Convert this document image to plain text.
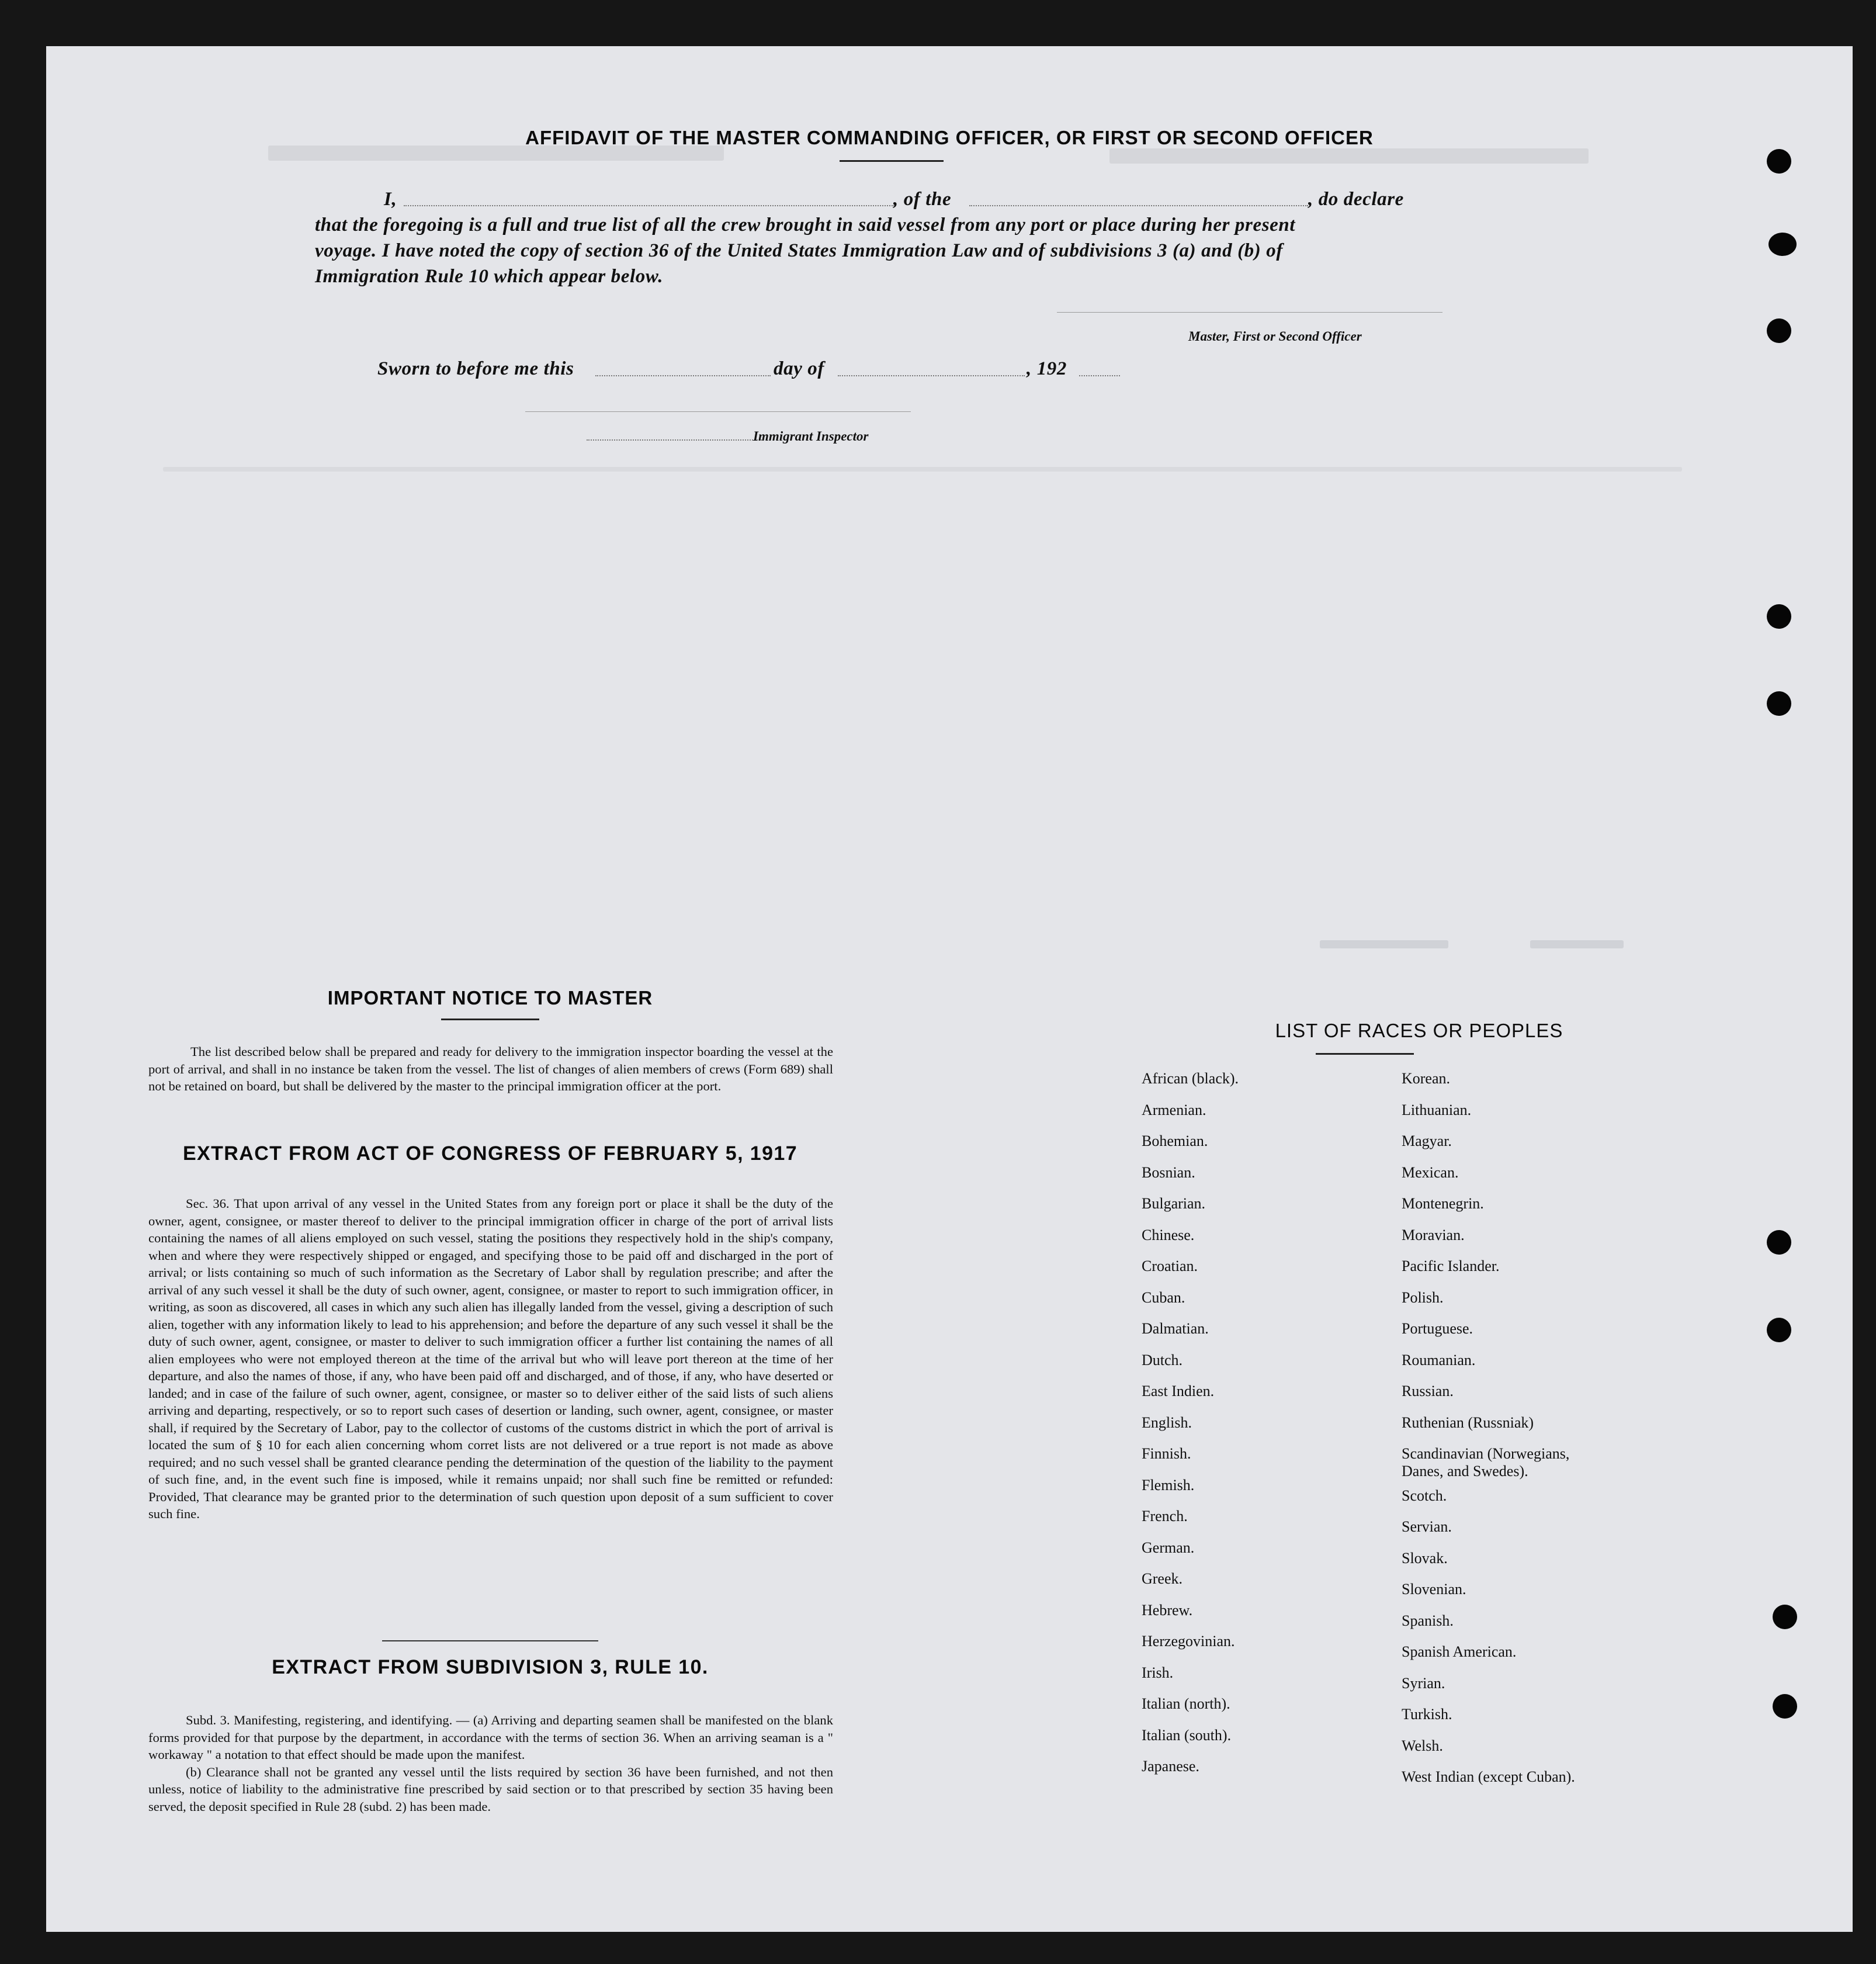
AFFIDAVIT OF THE MASTER COMMANDING OFFICER, OR FIRST OR SECOND OFFICER
I,	, of the	, do declare
that the foregoing is a full and true list of all the crew brought in said vessel from any port or place during her present
voyage. I have noted the copy of section 36 of the United States Immigration Law and of subdivisions 3 (a) and (b) of
Immigration Rule 10 which appear below.
Master, First or Second Officer
Sworn to before me this	day of	, 192
Immigrant Inspector
IMPORTANT NOTICE TO MASTER

The list described below shall be prepared and ready for delivery to the immigration inspector boarding the vessel at the port of arrival, and shall in no instance be taken from the vessel. The list of changes of alien members of crews (Form 689) shall not be retained on board, but shall be delivered by the master to the principal immigration officer at the port.

EXTRACT FROM ACT OF CONGRESS OF FEBRUARY 5, 1917

Sec. 36. That upon arrival of any vessel in the United States from any foreign port or place it shall be the duty of the owner, agent, consignee, or master thereof to deliver to the principal immigration officer in charge of the port of arrival lists containing the names of all aliens employed on such vessel, stating the positions they respectively hold in the ship's company, when and where they were respectively shipped or engaged, and specifying those to be paid off and discharged in the port of arrival; or lists containing so much of such information as the Secretary of Labor shall by regulation prescribe; and after the arrival of any such vessel it shall be the duty of such owner, agent, consignee, or master to report to such immigration officer, in writing, as soon as discovered, all cases in which any such alien has illegally landed from the vessel, giving a description of such alien, together with any information likely to lead to his apprehension; and before the departure of any such vessel it shall be the duty of such owner, agent, consignee, or master to deliver to such immigration officer a further list containing the names of all alien employees who were not employed thereon at the time of the arrival but who will leave port thereon at the time of her departure, and also the names of those, if any, who have been paid off and discharged, and of those, if any, who have deserted or landed; and in case of the failure of such owner, agent, consignee, or master so to deliver either of the said lists of such aliens arriving and departing, respectively, or so to report such cases of desertion or landing, such owner, agent, consignee, or master shall, if required by the Secretary of Labor, pay to the collector of customs of the customs district in which the port of arrival is located the sum of § 10 for each alien concerning whom corret lists are not delivered or a true report is not made as above required; and no such vessel shall be granted clearance pending the determination of the question of the liability to the payment of such fine, and, in the event such fine is imposed, while it remains unpaid; nor shall such fine be remitted or refunded: Provided, That clearance may be granted prior to the determination of such question upon deposit of a sum sufficient to cover such fine.

EXTRACT FROM SUBDIVISION 3, RULE 10.

Subd. 3. Manifesting, registering, and identifying. — (a) Arriving and departing seamen shall be manifested on the blank forms provided for that purpose by the department, in accordance with the terms of section 36. When an arriving seaman is a " workaway " a notation to that effect should be made upon the manifest.

(b) Clearance shall not be granted any vessel until the lists required by section 36 have been furnished, and not then unless, notice of liability to the administrative fine prescribed by said section or to that prescribed by section 35 having been served, the deposit specified in Rule 28 (subd. 2) has been made.

LIST OF RACES OR PEOPLES
African (black).
Armenian.
Bohemian.
Bosnian.
Bulgarian.
Chinese.
Croatian.
Cuban.
Dalmatian.
Dutch.
East Indien.
English.
Finnish.
Flemish.
French.
German.
Greek.
Hebrew.
Herzegovinian.
Irish.
Italian (north).
Italian (south).
Japanese.
Korean.
Lithuanian.
Magyar.
Mexican.
Montenegrin.
Moravian.
Pacific Islander.
Polish.
Portuguese.
Roumanian.
Russian.
Ruthenian (Russniak)
Scandinavian (Norwegians,
Danes, and Swedes).
Scotch.
Servian.
Slovak.
Slovenian.
Spanish.
Spanish American.
Syrian.
Turkish.
Welsh.
West Indian (except Cuban).
